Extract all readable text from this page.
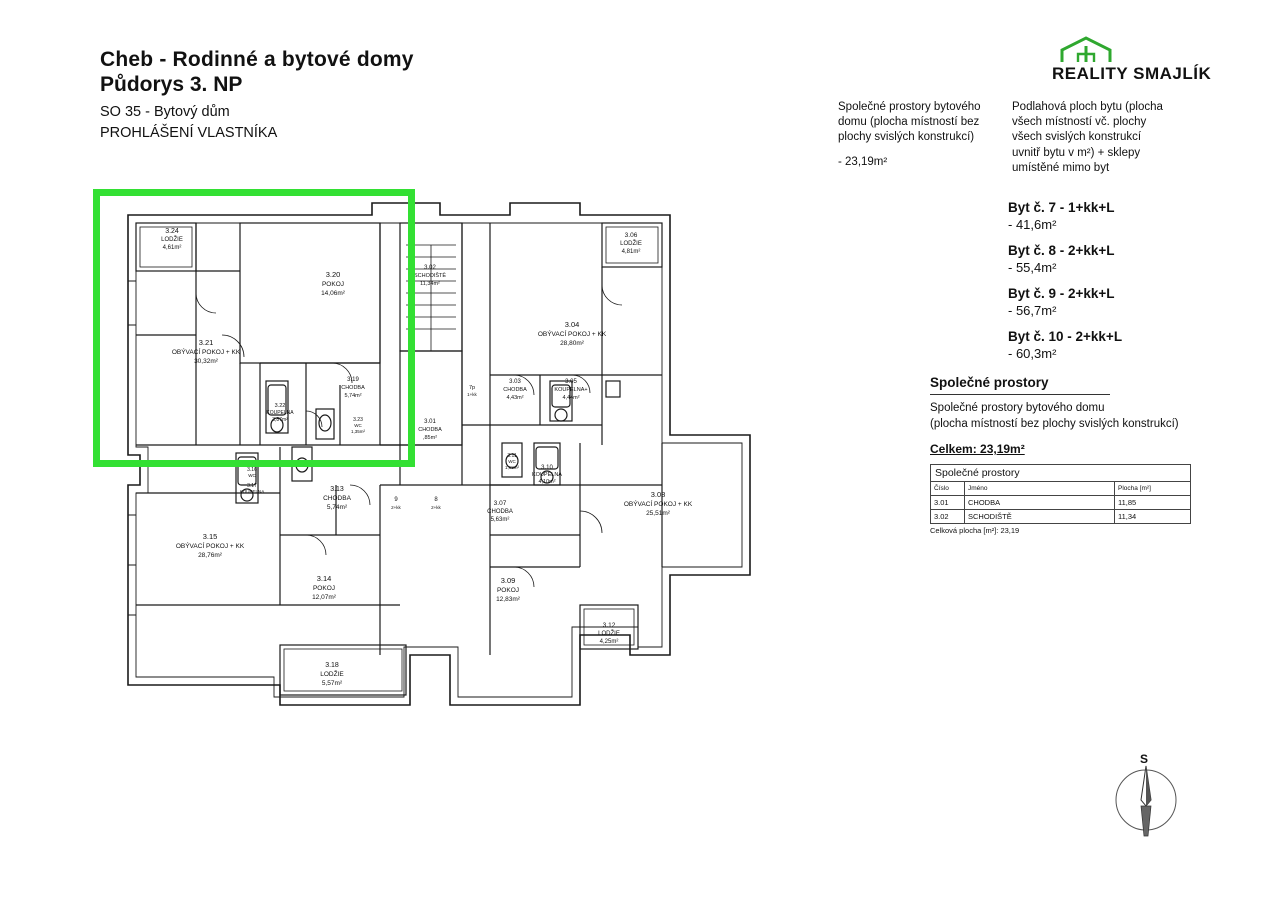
Cheb - Rodinné a bytové domy
Půdorys 3. NP
SO 35 - Bytový dům
PROHLÁŠENÍ VLASTNÍKA
REALITY SMAJLÍK
Společné prostory bytového domu (plocha místností bez plochy svislých konstrukcí)
- 23,19m²
Podlahová ploch bytu (plocha všech místností vč. plochy všech svislých konstrukcí uvnitř bytu v m²) + sklepy umístěné mimo byt
Byt č. 7 - 1+kk+L
- 41,6m²
Byt č. 8 - 2+kk+L
- 55,4m²
Byt č. 9 - 2+kk+L
- 56,7m²
Byt č. 10 - 2+kk+L
- 60,3m²
Společné prostory
Společné prostory bytového domu
(plocha místností bez plochy svislých konstrukcí)
Celkem: 23,19m²
Společné prostory
Číslo	Jméno	Plocha [m²]
3.01	CHODBA	11,85
3.02	SCHODIŠTĚ	11,34
Celková plocha [m²]: 23,19
S
3.24
LODŽIE
4,61m²
3.20
POKOJ
14,06m²
3.21
OBÝVACÍ POKOJ + KK
30,32m²
3.22
KOUPELNA
3,87m²
3.19
CHODBA
5,74m²
3.23
WC
1,35m²
3.02
SCHODIŠTĚ
11,34m²
3.01
CHODBA
,85m²
3.06
LODŽIE
4,81m²
3.04
OBÝVACÍ POKOJ + KK
28,80m²
3.03
CHODBA
4,43m²
3.05
KOUPELNA+
4,44m²
3.11
WC
1,68m²	3.10
KOUPELNA
4,10m²
3.07
CHODBA
5,63m²
3.08
OBÝVACÍ POKOJ + KK
25,51m²
3.09
POKOJ
12,83m²
3.12
LODŽIE
4,25m²
3.13
CHODBA
5,74m²
3.14
POKOJ
12,07m²
3.15
OBÝVACÍ POKOJ + KK
28,76m²
3.18
LODŽIE
5,57m²
3.16
WC
3.17
KOUPELNA
7p
1+kk
9
2+kk
8
2+kk
